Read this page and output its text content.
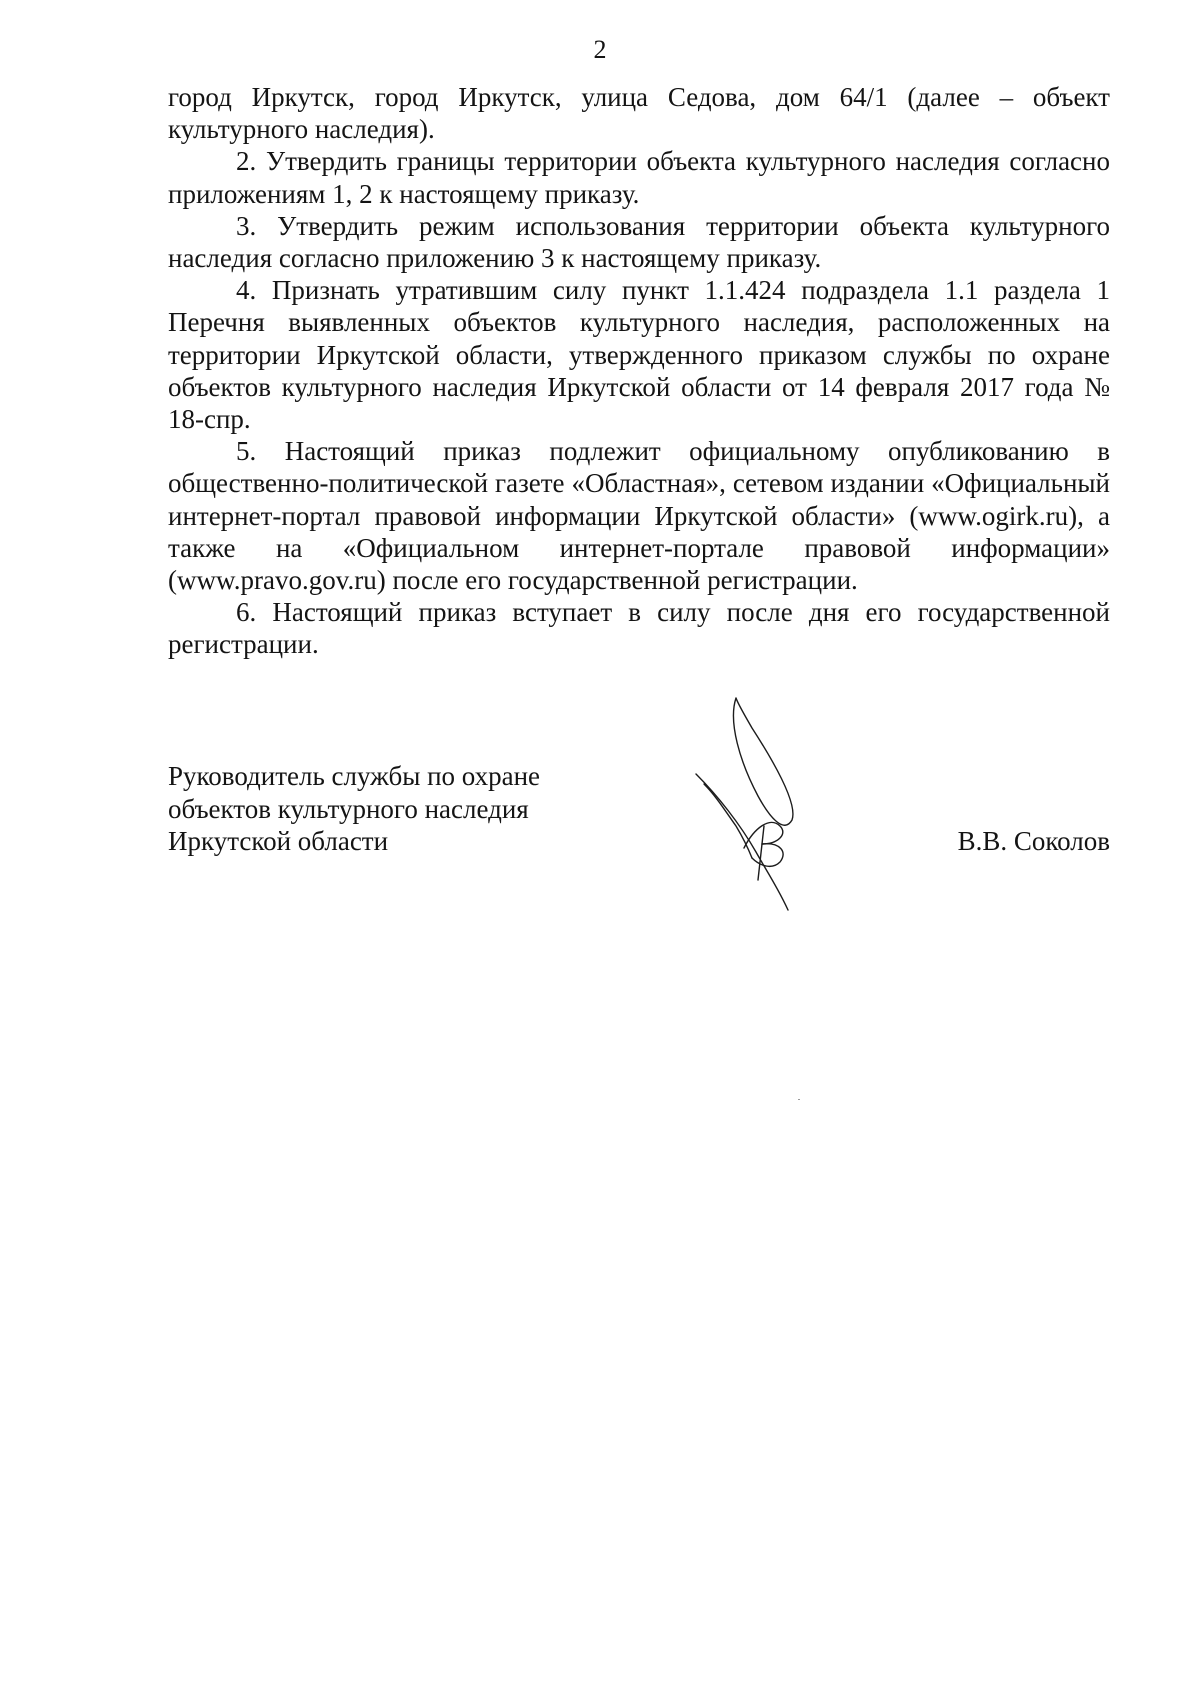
2

город Иркутск, город Иркутск, улица Седова, дом 64/1 (далее – объект культурного наследия).

2. Утвердить границы территории объекта культурного наследия согласно приложениям 1, 2 к настоящему приказу.

3. Утвердить режим использования территории объекта культурного наследия согласно приложению 3 к настоящему приказу.

4. Признать утратившим силу пункт 1.1.424 подраздела 1.1 раздела 1 Перечня выявленных объектов культурного наследия, расположенных на территории Иркутской области, утвержденного приказом службы по охране объектов культурного наследия Иркутской области от 14 февраля 2017 года № 18-спр.

5. Настоящий приказ подлежит официальному опубликованию в общественно-политической газете «Областная», сетевом издании «Официальный интернет-портал правовой информации Иркутской области» (www.ogirk.ru), а также на «Официальном интернет-портале правовой информации» (www.pravo.gov.ru) после его государственной регистрации.

6. Настоящий приказ вступает в силу после дня его государственной регистрации.

Руководитель службы по охране
объектов культурного наследия
Иркутской области	В.В. Соколов
